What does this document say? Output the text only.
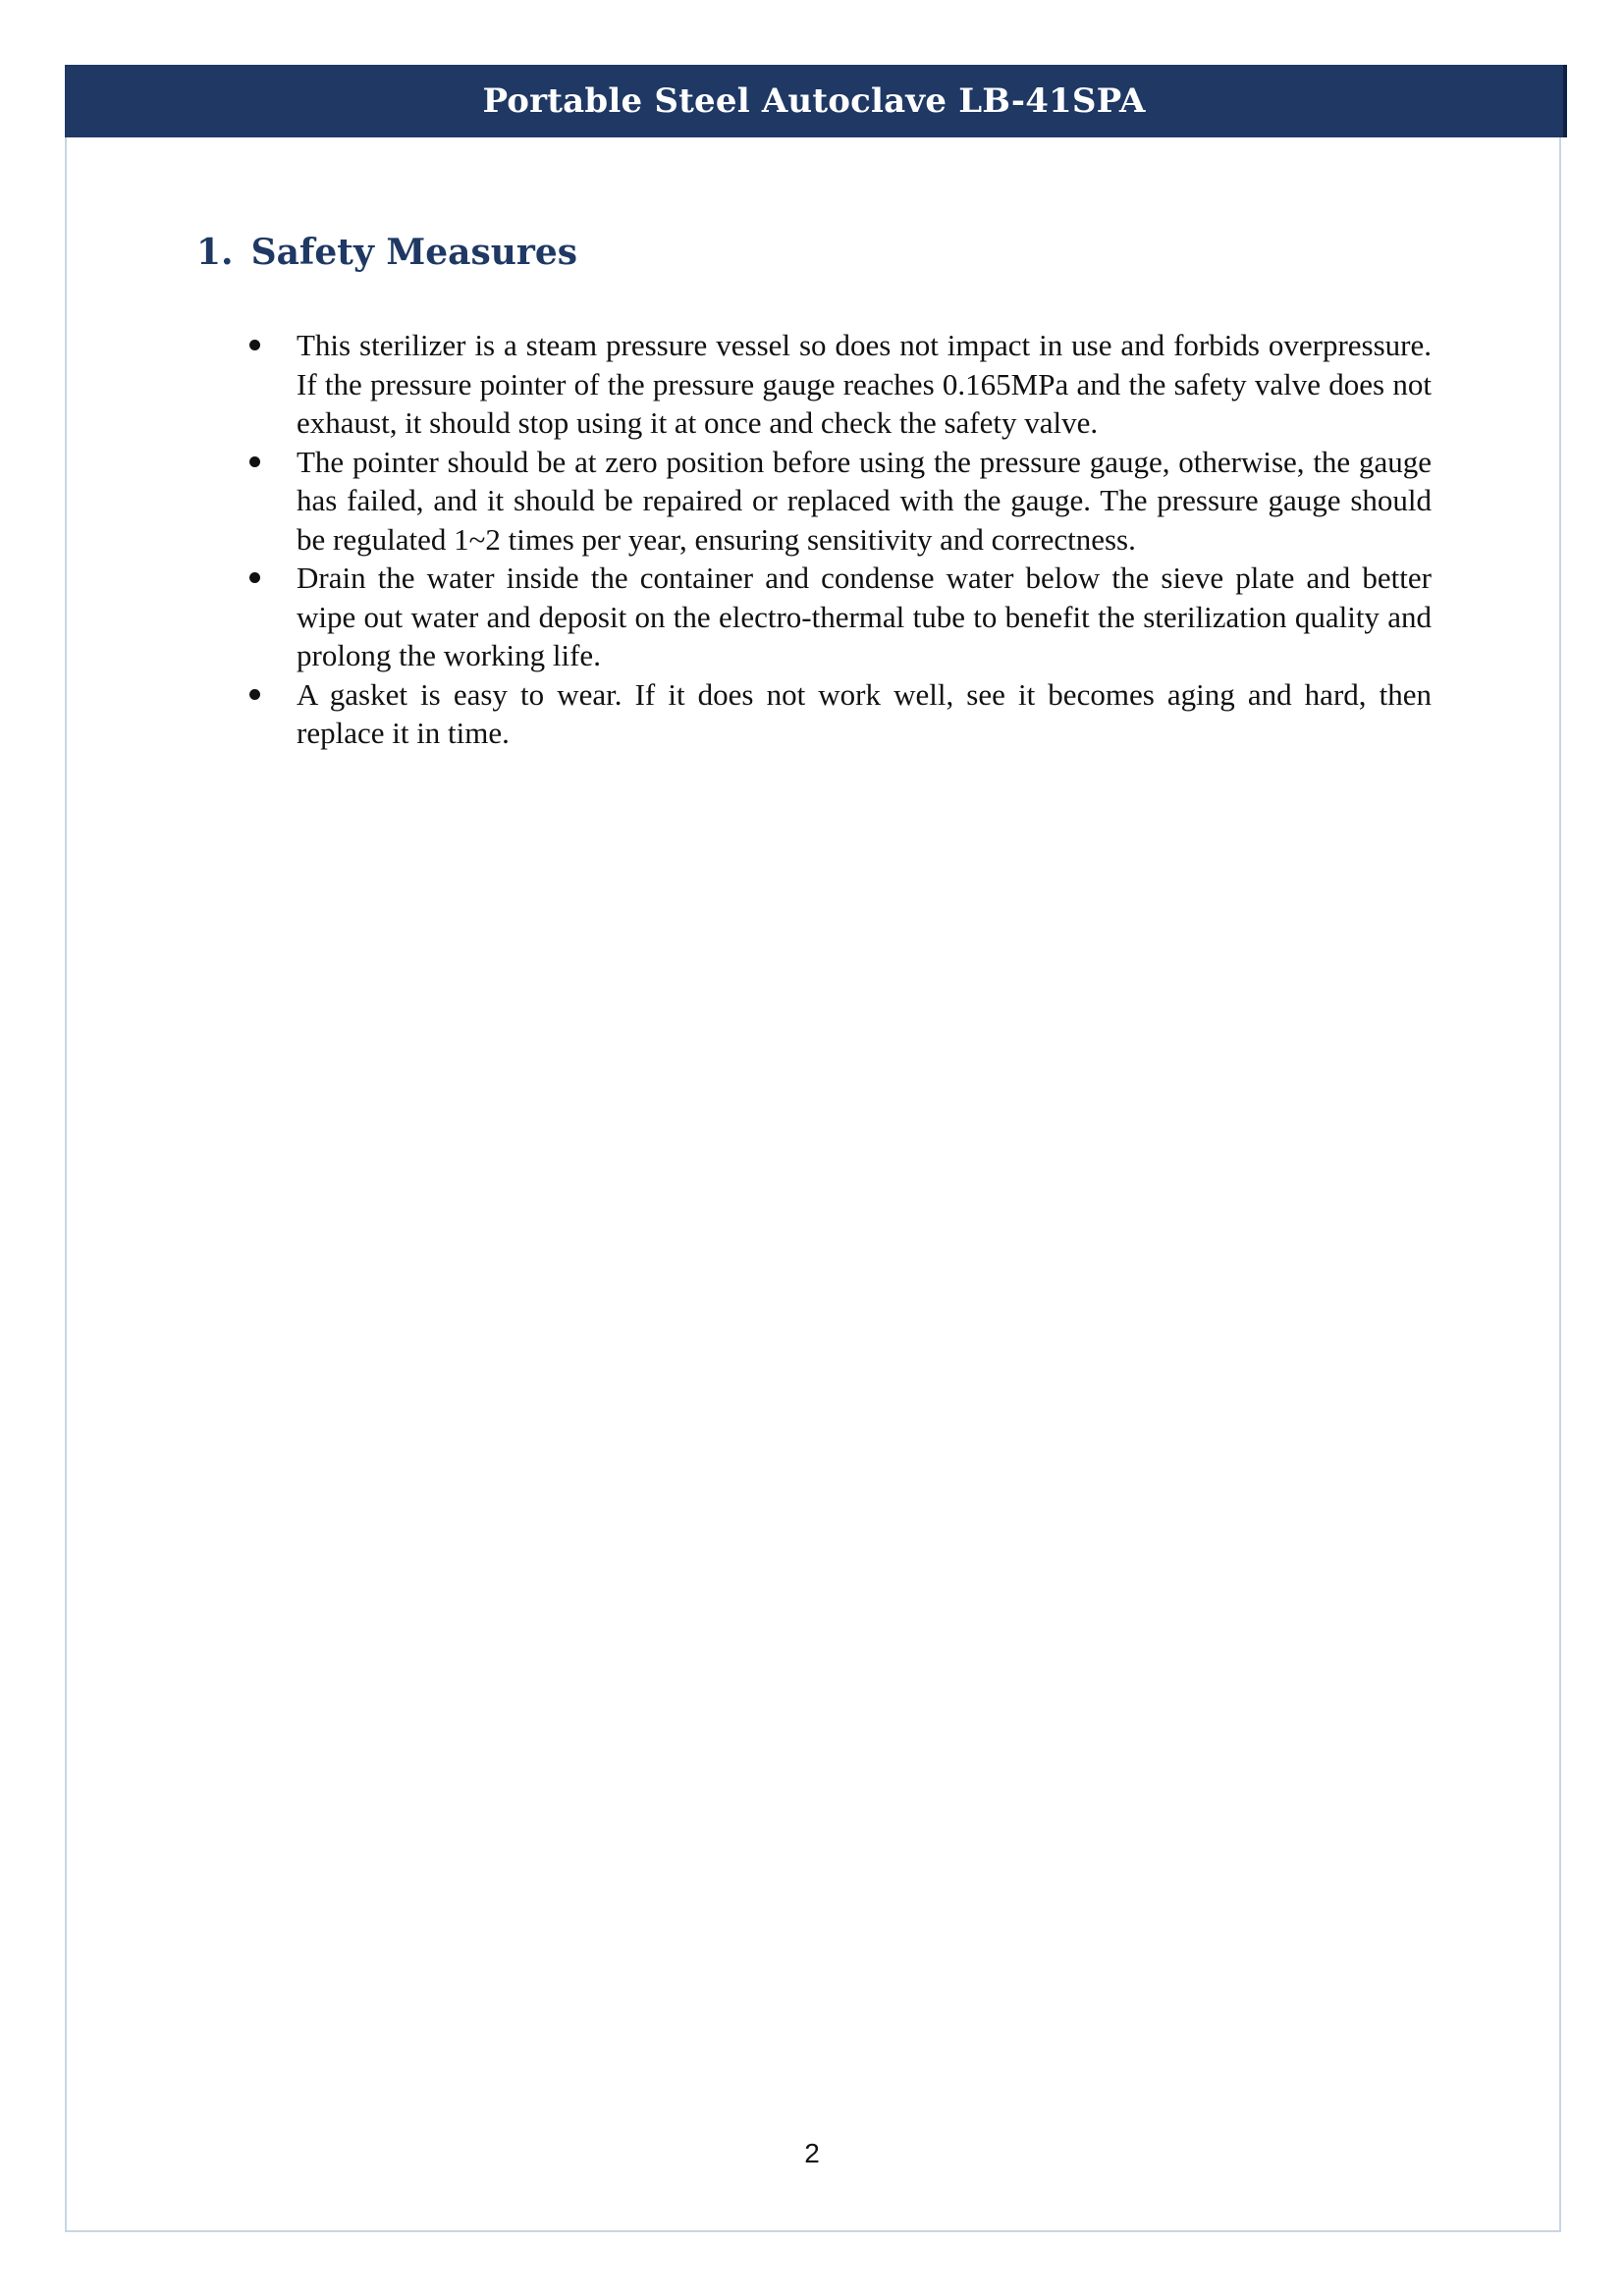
Portable Steel Autoclave LB-41SPA
1. Safety Measures
This sterilizer is a steam pressure vessel so does not impact in use and forbids overpressure. If the pressure pointer of the pressure gauge reaches 0.165MPa and the safety valve does not exhaust, it should stop using it at once and check the safety valve.
The pointer should be at zero position before using the pressure gauge, otherwise, the gauge has failed, and it should be repaired or replaced with the gauge. The pressure gauge should be regulated 1~2 times per year, ensuring sensitivity and correctness.
Drain the water inside the container and condense water below the sieve plate and better wipe out water and deposit on the electro-thermal tube to benefit the sterilization quality and prolong the working life.
A gasket is easy to wear. If it does not work well, see it becomes aging and hard, then replace it in time.
2
